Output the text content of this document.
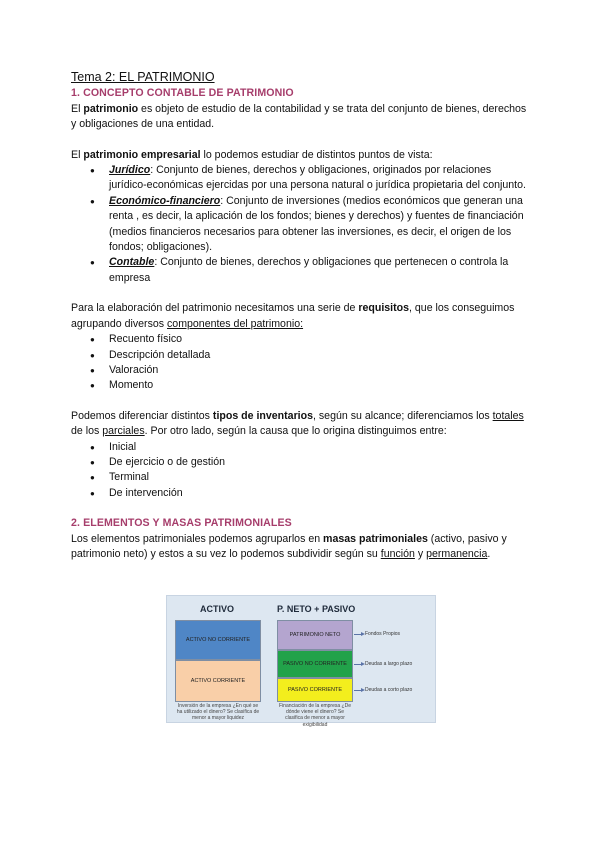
Tema 2: EL PATRIMONIO

1. CONCEPTO CONTABLE DE PATRIMONIO

El patrimonio es objeto de estudio de la contabilidad y se trata del conjunto de bienes, derechos y obligaciones de una entidad.

El patrimonio empresarial lo podemos estudiar de distintos puntos de vista:

● Jurídico: Conjunto de bienes, derechos y obligaciones, originados por relaciones jurídico-económicas ejercidas por una persona natural o jurídica propietaria del conjunto.
● Económico-financiero: Conjunto de inversiones (medios económicos que generan una renta , es decir, la aplicación de los fondos; bienes y derechos) y fuentes de financiación (medios financieros necesarios para obtener las inversiones, es decir, el origen de los fondos; obligaciones).
● Contable: Conjunto de bienes, derechos y obligaciones que pertenecen o controla la empresa

Para la elaboración del patrimonio necesitamos una serie de requisitos, que los conseguimos agrupando diversos componentes del patrimonio:

● Recuento físico
● Descripción detallada
● Valoración
● Momento

Podemos diferenciar distintos tipos de inventarios, según su alcance; diferenciamos los totales de los parciales. Por otro lado, según la causa que lo origina distinguimos entre:

● Inicial
● De ejercicio o de gestión
● Terminal
● De intervención

2. ELEMENTOS Y MASAS PATRIMONIALES

Los elementos patrimoniales podemos agruparlos en masas patrimoniales (activo, pasivo y patrimonio neto) y estos a su vez lo podemos subdividir según su función y permanencia.

ACTIVO	P. NETO + PASIVO
ACTIVO NO CORRIENTE
ACTIVO CORRIENTE
PATRIMONIO NETO
PASIVO NO CORRIENTE
PASIVO CORRIENTE
Fondos Propios
Deudas a largo plazo
Deudas a corto plazo
Inversión de la empresa ¿En qué se ha utilizado el dinero? Se clasifica de menor a mayor liquidez
Financiación de la empresa ¿De dónde viene el dinero? Se clasifica de menor a mayor exigibilidad
